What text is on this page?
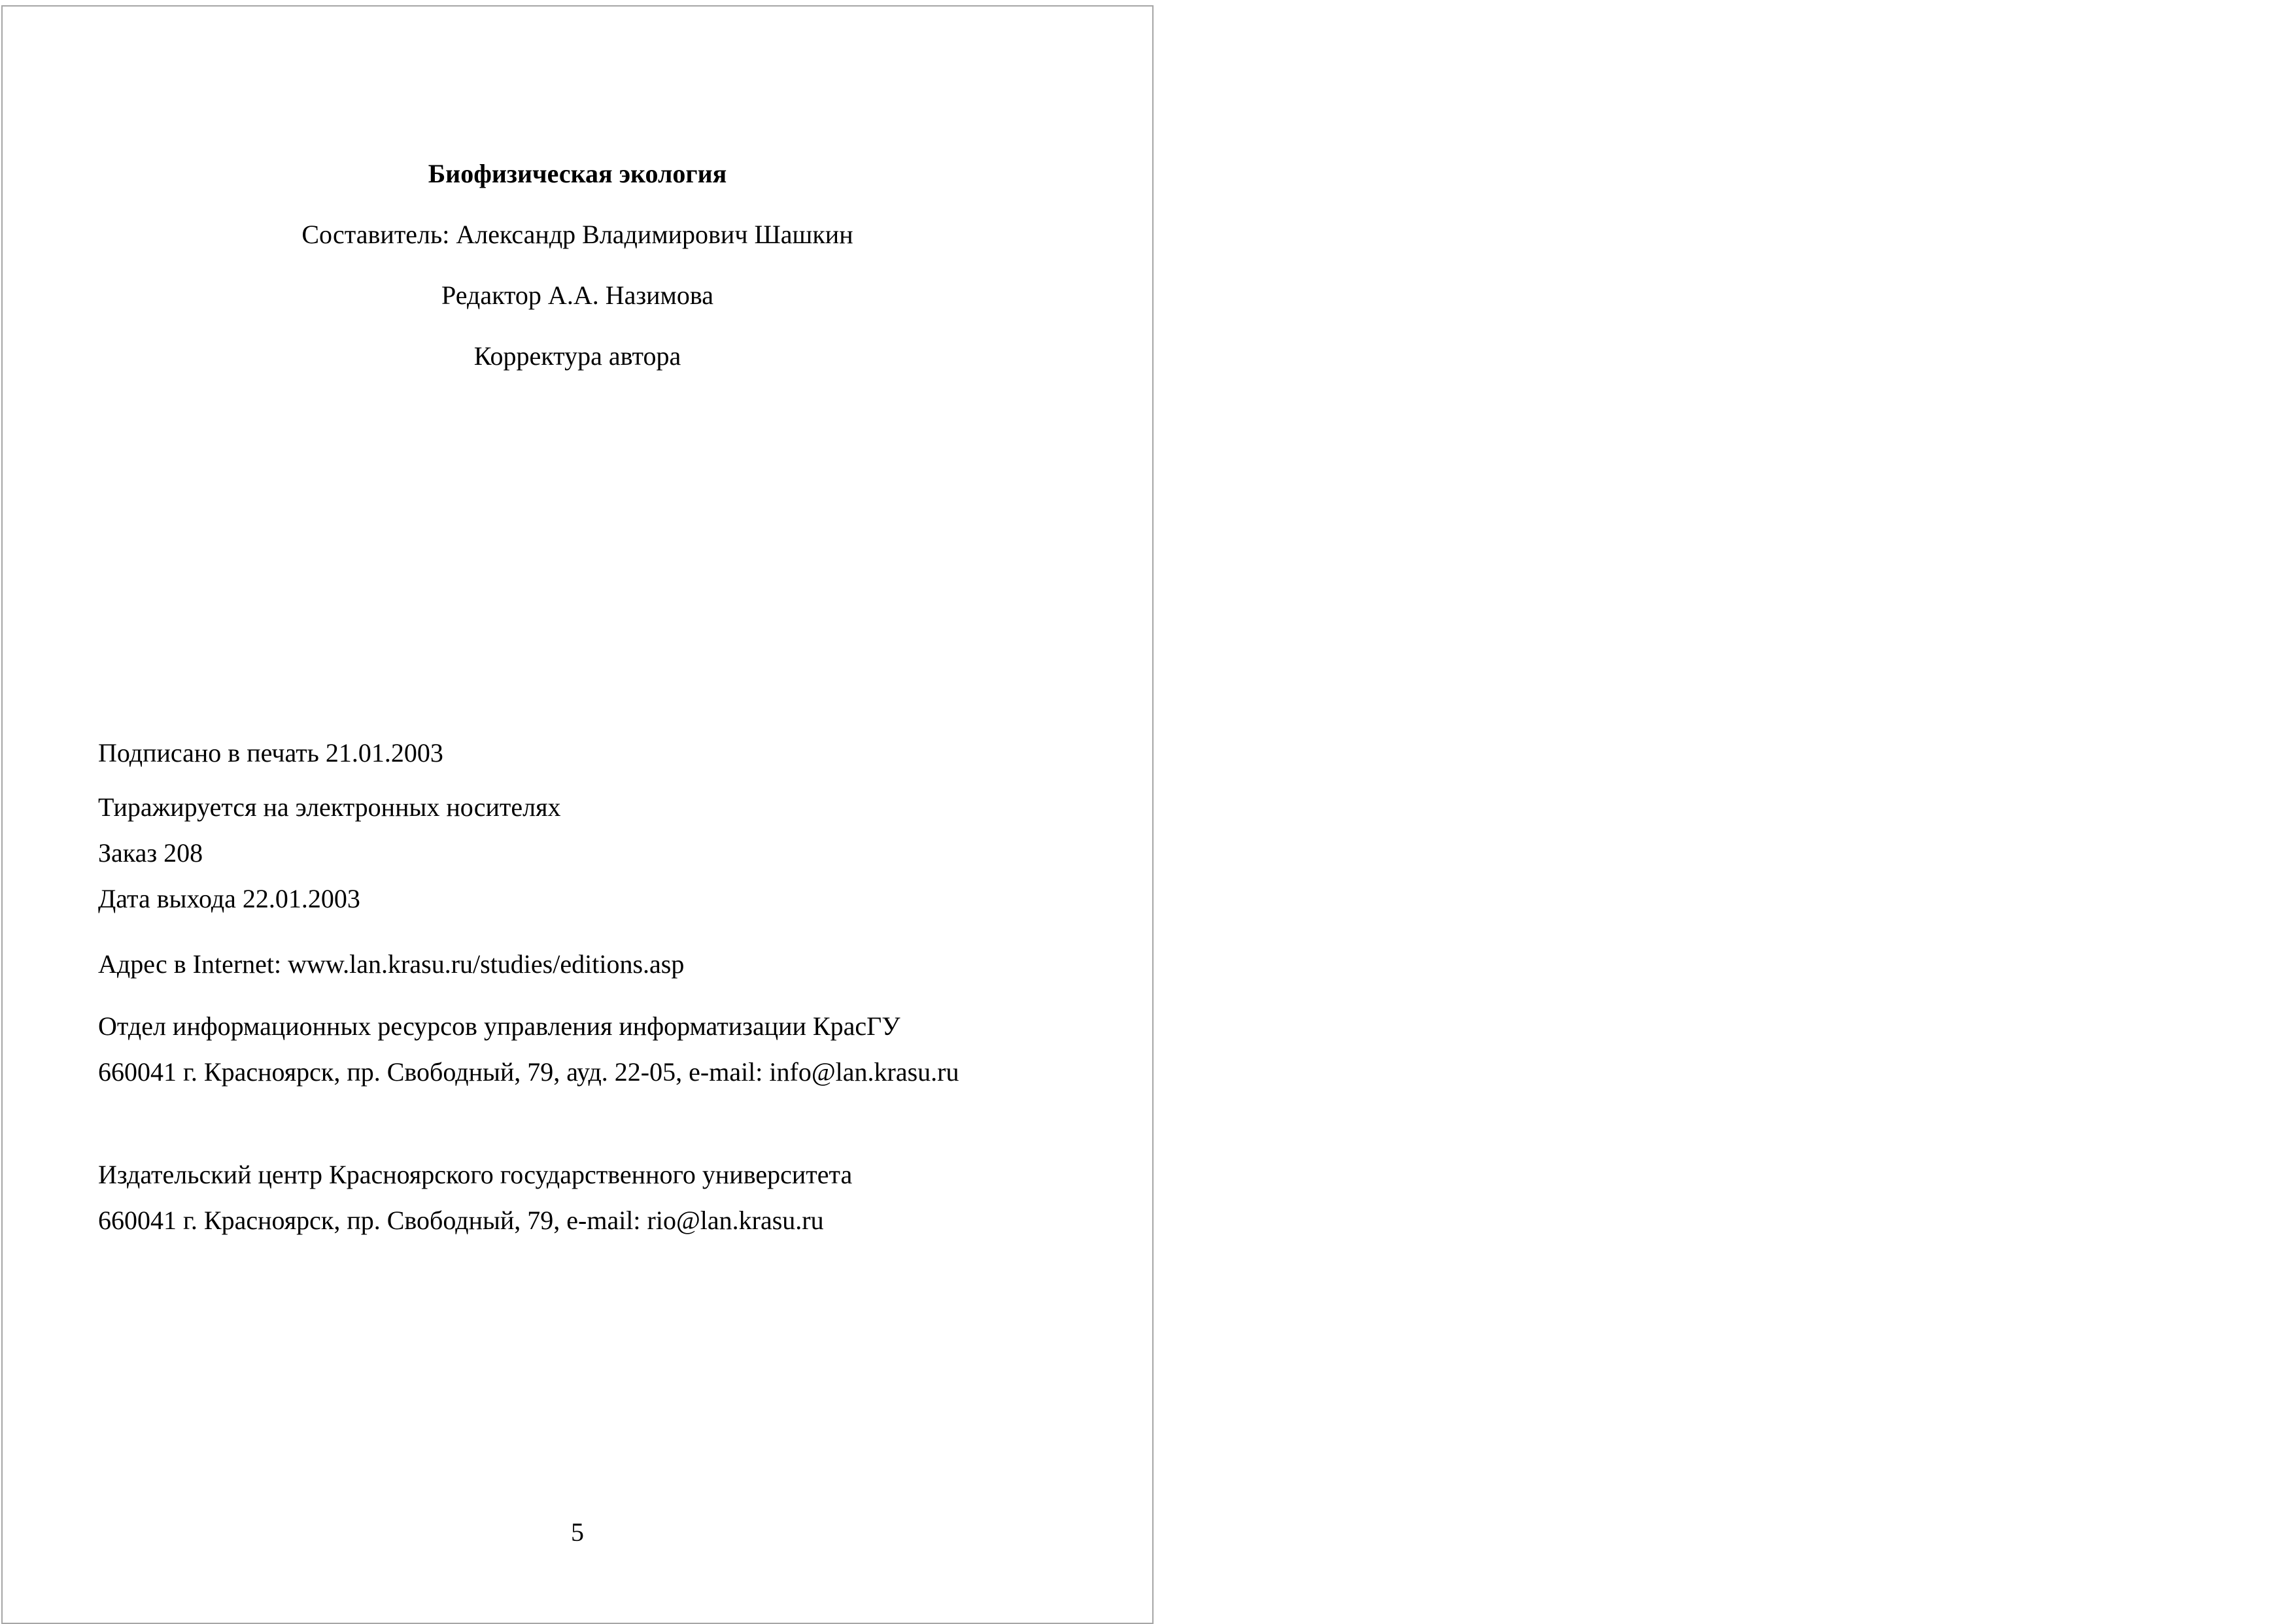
Биофизическая экология
Составитель: Александр Владимирович Шашкин
Редактор А.А. Назимова
Корректура автора
Подписано в печать 21.01.2003
Тиражируется на электронных носителях
Заказ 208
Дата выхода 22.01.2003
Адрес в Internet: www.lan.krasu.ru/studies/editions.asp
Отдел информационных ресурсов управления информатизации КрасГУ
660041 г. Красноярск, пр. Свободный, 79, ауд. 22-05, e-mail: info@lan.krasu.ru
Издательский центр Красноярского государственного университета
660041 г. Красноярск, пр. Свободный, 79, e-mail: rio@lan.krasu.ru
5
